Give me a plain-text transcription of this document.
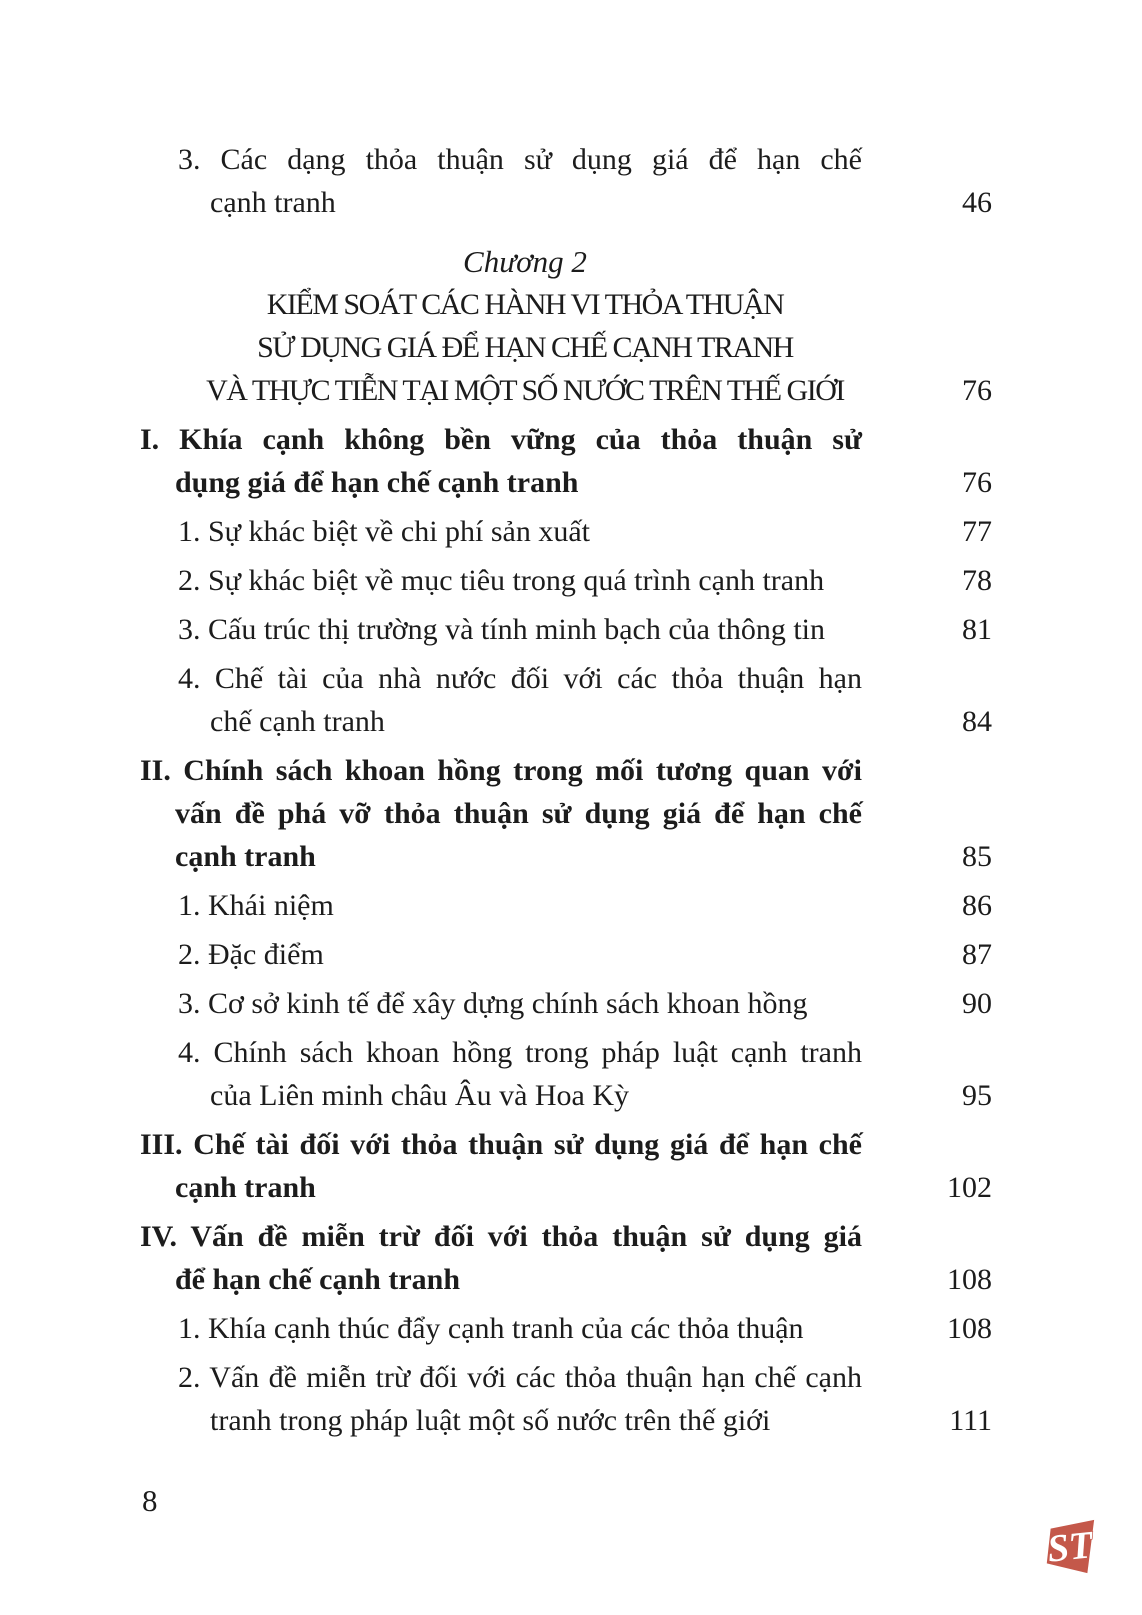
3. Các dạng thỏa thuận sử dụng giá để hạn chế
cạnh tranh	46
Chương 2
KIỂM SOÁT CÁC HÀNH VI THỎA THUẬN
SỬ DỤNG GIÁ ĐỂ HẠN CHẾ CẠNH TRANH
VÀ THỰC TIỄN TẠI MỘT SỐ NƯỚC TRÊN THẾ GIỚI	76
I. Khía cạnh không bền vững của thỏa thuận sử
dụng giá để hạn chế cạnh tranh	76
1. Sự khác biệt về chi phí sản xuất	77
2. Sự khác biệt về mục tiêu trong quá trình cạnh tranh	78
3. Cấu trúc thị trường và tính minh bạch của thông tin	81
4. Chế tài của nhà nước đối với các thỏa thuận hạn
chế cạnh tranh	84
II. Chính sách khoan hồng trong mối tương quan với
vấn đề phá vỡ thỏa thuận sử dụng giá để hạn chế
cạnh tranh	85
1. Khái niệm	86
2. Đặc điểm	87
3. Cơ sở kinh tế để xây dựng chính sách khoan hồng	90
4. Chính sách khoan hồng trong pháp luật cạnh tranh
của Liên minh châu Âu và Hoa Kỳ	95
III. Chế tài đối với thỏa thuận sử dụng giá để hạn chế
cạnh tranh	102
IV. Vấn đề miễn trừ đối với thỏa thuận sử dụng giá
để hạn chế cạnh tranh	108
1. Khía cạnh thúc đẩy cạnh tranh của các thỏa thuận	108
2. Vấn đề miễn trừ đối với các thỏa thuận hạn chế cạnh
tranh trong pháp luật một số nước trên thế giới	111
8
ST
